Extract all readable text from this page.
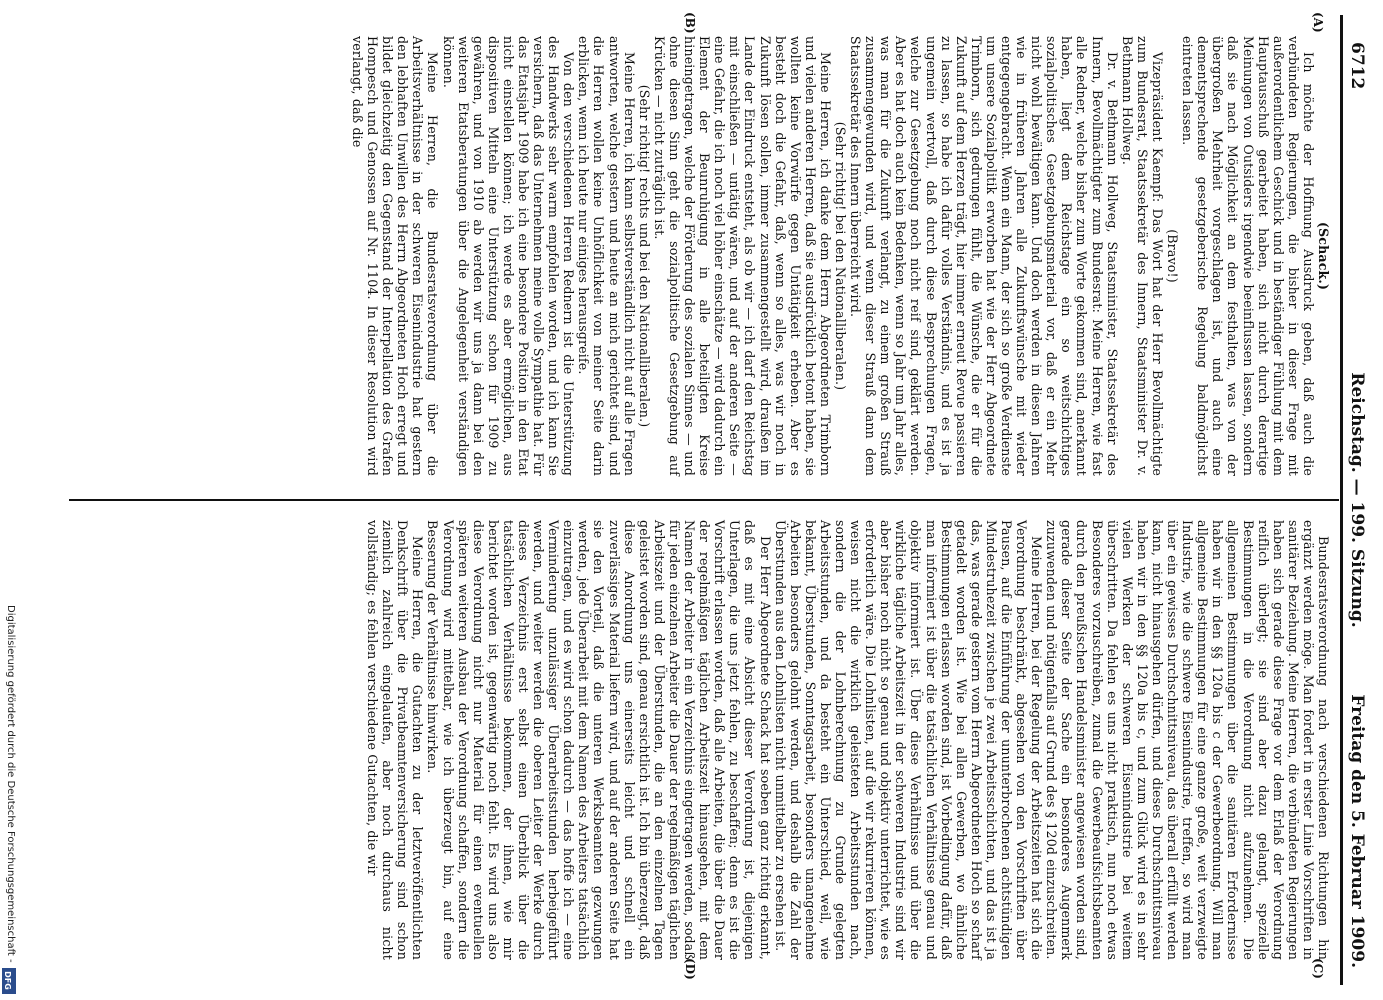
6712
Reichstag. — 199. Sitzung.
Freitag den 5. Februar 1909.
(A)
(B)
(C)
(D)

(Schack.)

Ich möchte der Hoffnung Ausdruck geben, daß auch die verbündeten Regierungen, die bisher in dieser Frage mit außerordentlichem Geschick und in beständiger Fühlung mit dem Hauptausschuß gearbeitet haben, sich nicht durch derartige Meinungen von Outsiders irgendwie beeinflussen lassen, sondern daß sie nach Möglichkeit an dem festhalten, was von der übergroßen Mehrheit vorgeschlagen ist, und auch eine dementsprechende gesetzgeberische Regelung baldmöglichst eintreten lassen.

(Bravo!)

Vizepräsident Kaempf: Das Wort hat der Herr Bevollmächtigte zum Bundesrat, Staatssekretär des Innern, Staatsminister Dr. v. Bethmann Hollweg.

Dr. v. Bethmann Hollweg, Staatsminister, Staatssekretär des Innern, Bevollmächtigter zum Bundesrat: Meine Herren, wie fast alle Redner, welche bisher zum Worte gekommen sind, anerkannt haben, liegt dem Reichstage ein so weitschichtiges sozialpolitisches Gesetzgebungsmaterial vor, daß er ein Mehr nicht wohl bewältigen kann. Und doch werden in diesen Jahren wie in früheren Jahren alle Zukunftswünsche mit wieder entgegengebracht. Wenn ein Mann, der sich so große Verdienste um unsere Sozialpolitik erworben hat wie der Herr Abgeordnete Trimborn, sich gedrungen fühlt, die Wünsche, die er für die Zukunft auf dem Herzen trägt, hier immer erneut Revue passieren zu lassen, so habe ich dafür volles Verständnis, und es ist ja ungemein wertvoll, daß durch diese Besprechungen Fragen, welche zur Gesetzgebung noch nicht reif sind, geklärt werden. Aber es hat doch auch kein Bedenken, wenn so Jahr um Jahr alles, was man für die Zukunft verlangt, zu einem großen Strauß zusammengewunden wird, und wenn dieser Strauß dann dem Staatssekretär des Innern überreicht wird.

(Sehr richtig! bei den Nationalliberalen.)

Meine Herren, ich danke dem Herrn Abgeordneten Trimborn und vielen anderen Herren, daß sie ausdrücklich betont haben, sie wollten keine Vorwürfe gegen Untätigkeit erheben. Aber es besteht doch die Gefahr, daß, wenn so alles, was wir noch in Zukunft lösen sollen, immer zusammengestellt wird, draußen im Lande der Eindruck entsteht, als ob wir — ich darf den Reichstag mit einschließen — untätig wären, und auf der anderen Seite — eine Gefahr, die ich noch viel höher einschätze — wird dadurch ein Element der Beunruhigung in alle beteiligten Kreise hineingetragen, welche der Förderung des sozialen Sinnes — und ohne diesen Sinn geht die sozialpolitische Gesetzgebung auf Krücken — nicht zuträglich ist.

(Sehr richtig! rechts und bei den Nationalliberalen.)

Meine Herren, ich kann selbstverständlich nicht auf alle Fragen antworten, welche gestern und heute an mich gerichtet sind, und die Herren wollen keine Unhöflichkeit von meiner Seite darin erblicken, wenn ich heute nur einiges herausgreife.

Von den verschiedenen Herren Rednern ist die Unterstützung des Handwerks sehr warm empfohlen worden, und ich kann Sie versichern, daß das Unternehmen meine volle Sympathie hat. Für das Etatsjahr 1909 habe ich eine besondere Position in den Etat nicht einstellen können; ich werde es aber ermöglichen, aus dispositiven Mitteln eine Unterstützung schon für 1909 zu gewähren, und von 1910 ab werden wir uns ja dann bei den weiteren Etatsberatungen über die Angelegenheit verständigen können.

Meine Herren, die Bundesratsverordnung über die Arbeitsverhältnisse in der schweren Eisenindustrie hat gestern den lebhaften Unwillen des Herrn Abgeordneten Hoch erregt und bildet gleichzeitig den Gegenstand der Interpellation des Grafen Hompesch und Genossen auf Nr. 1104. In dieser Resolution wird verlangt, daß die

Bundesratsverordnung nach verschiedenen Richtungen hin ergänzt werden möge. Man fordert in erster Linie Vorschriften in sanitärer Beziehung. Meine Herren, die verbündeten Regierungen haben sich gerade diese Frage vor dem Erlaß der Verordnung reiflich überlegt; sie sind aber dazu gelangt, spezielle Bestimmungen in die Verordnung nicht aufzunehmen. Die allgemeinen Bestimmungen über die sanitären Erfordernisse haben wir in den §§ 120a bis c der Gewerbeordnung. Will man allgemeine Bestimmungen für eine ganze große, weit verzweigte Industrie, wie die schwere Eisenindustrie, treffen, so wird man über ein gewisses Durchschnittsniveau, das überall erfüllt werden kann, nicht hinausgehen dürfen, und dieses Durchschnittsniveau haben wir in den §§ 120a bis c, und zum Glück wird es in sehr vielen Werken der schweren Eisenindustrie bei weitem überschritten. Da fehlen es uns nicht praktisch, nun noch etwas Besonderes vorzuschreiben, zumal die Gewerbeaufsichtsbeamten durch den preußischen Handelsminister angewiesen worden sind, gerade dieser Seite der Sache ein besonderes Augenmerk zuzuwenden und nötigenfalls auf Grund des § 120d einzuschreiten.

Meine Herren, bei der Regelung der Arbeitszeiten hat sich die Verordnung beschränkt, abgesehen von den Vorschriften über Pausen, auf die Einführung der ununterbrochenen achtstündigen Mindestruhezeit zwischen je zwei Arbeitsschichten, und das ist ja das, was gerade gestern vom Herrn Abgeordneten Hoch so scharf getadelt worden ist. Wie bei allen Gewerben, wo ähnliche Bestimmungen erlassen worden sind, ist Vorbedingung dafür, daß man informiert ist über die tatsächlichen Verhältnisse genau und objektiv informiert ist. Über diese Verhältnisse und über die wirkliche tägliche Arbeitszeit in der schweren Industrie sind wir aber bisher noch nicht so genau und objektiv unterrichtet, wie es erforderlich wäre. Die Lohnlisten, auf die wir rekurrieren können, weisen nicht die wirklich geleisteten Arbeitsstunden nach, sondern die der Lohnberechnung zu Grunde gelegten Arbeitsstunden, und da besteht ein Unterschied, weil, wie bekannt, Überstunden, Sonntagsarbeit, besonders unangenehme Arbeiten besonders gelohnt werden, und deshalb die Zahl der Überstunden aus den Lohnlisten nicht unmittelbar zu ersehen ist.

Der Herr Abgeordnete Schack hat soeben ganz richtig erkannt, daß es mit eine Absicht dieser Verordnung ist, diejenigen Unterlagen, die uns jetzt fehlen, zu beschaffen; denn es ist die Vorschrift erlassen worden, daß alle Arbeiten, die über die Dauer der regelmäßigen täglichen Arbeitszeit hinausgehen, mit dem Namen der Arbeiter in ein Verzeichnis eingetragen werden, sodaß für jeden einzelnen Arbeiter die Dauer der regelmäßigen täglichen Arbeitszeit und der Überstunden, die an den einzelnen Tagen geleistet worden sind, genau ersichtlich ist. Ich bin überzeugt, daß diese Anordnung uns einerseits leicht und schnell ein zuverlässiges Material liefern wird, und auf der anderen Seite hat sie den Vorteil, daß die unteren Werksbeamten gezwungen werden, jede Überarbeit mit dem Namen des Arbeiters tatsächlich einzutragen, und es wird schon dadurch — das hoffe ich — eine Verminderung unzulässiger Überarbeitsstunden herbeigeführt werden, und weiter werden die oberen Leiter der Werke durch dieses Verzeichnis erst selbst einen Überblick über die tatsächlichen Verhältnisse bekommen, der ihnen, wie mir berichtet worden ist, gegenwärtig noch fehlt. Es wird uns also diese Verordnung nicht nur Material für einen eventuellen späteren weiteren Ausbau der Verordnung schaffen, sondern die Verordnung wird mittelbar, wie ich überzeugt bin, auf eine Besserung der Verhältnisse hinwirken.

Meine Herren, die Gutachten zu der letztveröffentlichten Denkschrift über die Privatbeamtenversicherung sind schon ziemlich zahlreich eingelaufen, aber noch durchaus nicht vollständig; es fehlen verschiedene Gutachten, die wir

Digitalisierung gefördert durch die Deutsche Forschungsgemeinschaft -
DFG
